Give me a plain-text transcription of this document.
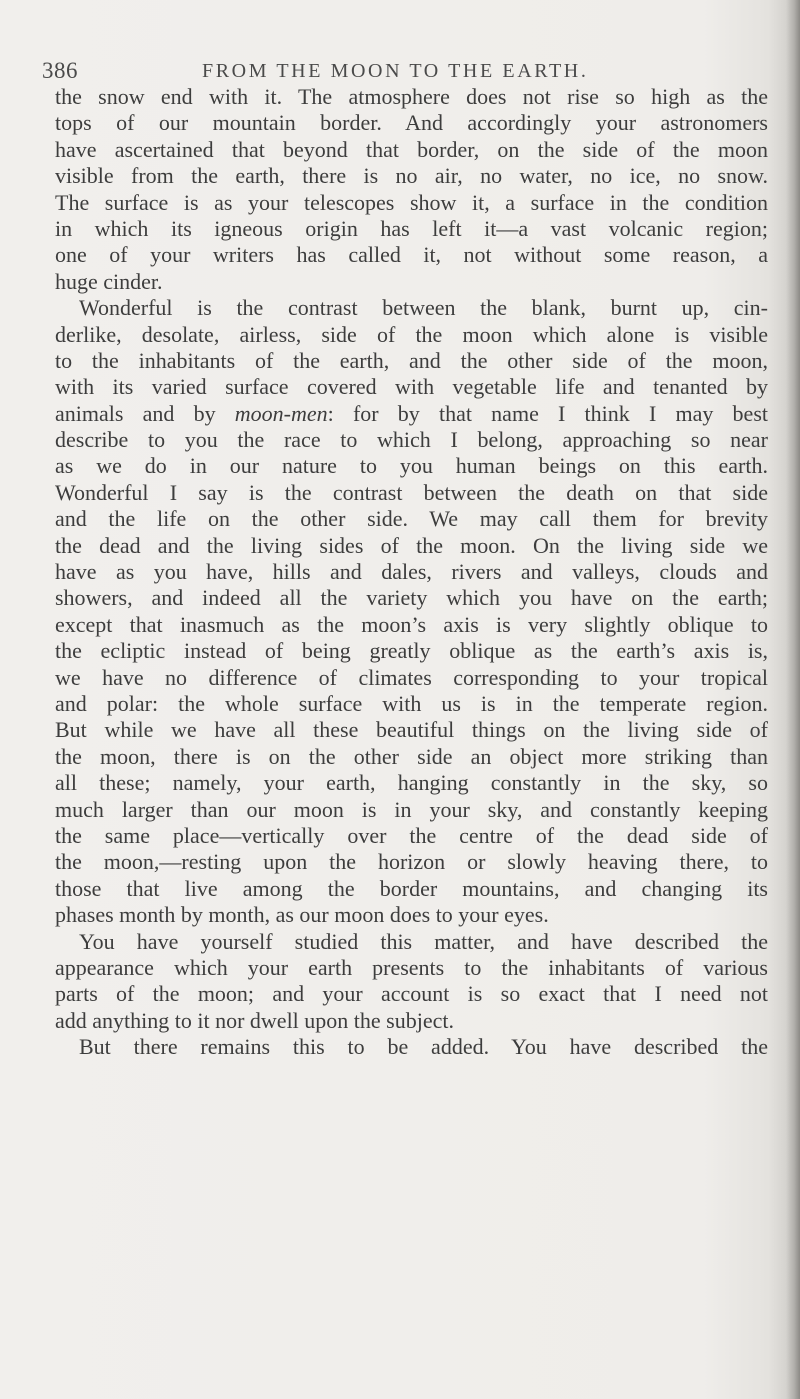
386	FROM THE MOON TO THE EARTH.
the snow end with it. The atmosphere does not rise so high as the
tops of our mountain border. And accordingly your astronomers
have ascertained that beyond that border, on the side of the moon
visible from the earth, there is no air, no water, no ice, no snow.
The surface is as your telescopes show it, a surface in the condition
in which its igneous origin has left it—a vast volcanic region;
one of your writers has called it, not without some reason, a
huge cinder.
Wonderful is the contrast between the blank, burnt up, cin-
derlike, desolate, airless, side of the moon which alone is visible
to the inhabitants of the earth, and the other side of the moon,
with its varied surface covered with vegetable life and tenanted by
animals and by moon-men: for by that name I think I may best
describe to you the race to which I belong, approaching so near
as we do in our nature to you human beings on this earth.
Wonderful I say is the contrast between the death on that side
and the life on the other side. We may call them for brevity
the dead and the living sides of the moon. On the living side we
have as you have, hills and dales, rivers and valleys, clouds and
showers, and indeed all the variety which you have on the earth;
except that inasmuch as the moon’s axis is very slightly oblique to
the ecliptic instead of being greatly oblique as the earth’s axis is,
we have no difference of climates corresponding to your tropical
and polar: the whole surface with us is in the temperate region.
But while we have all these beautiful things on the living side of
the moon, there is on the other side an object more striking than
all these; namely, your earth, hanging constantly in the sky, so
much larger than our moon is in your sky, and constantly keeping
the same place—vertically over the centre of the dead side of
the moon,—resting upon the horizon or slowly heaving there, to
those that live among the border mountains, and changing its
phases month by month, as our moon does to your eyes.
You have yourself studied this matter, and have described the
appearance which your earth presents to the inhabitants of various
parts of the moon; and your account is so exact that I need not
add anything to it nor dwell upon the subject.
But there remains this to be added. You have described the
